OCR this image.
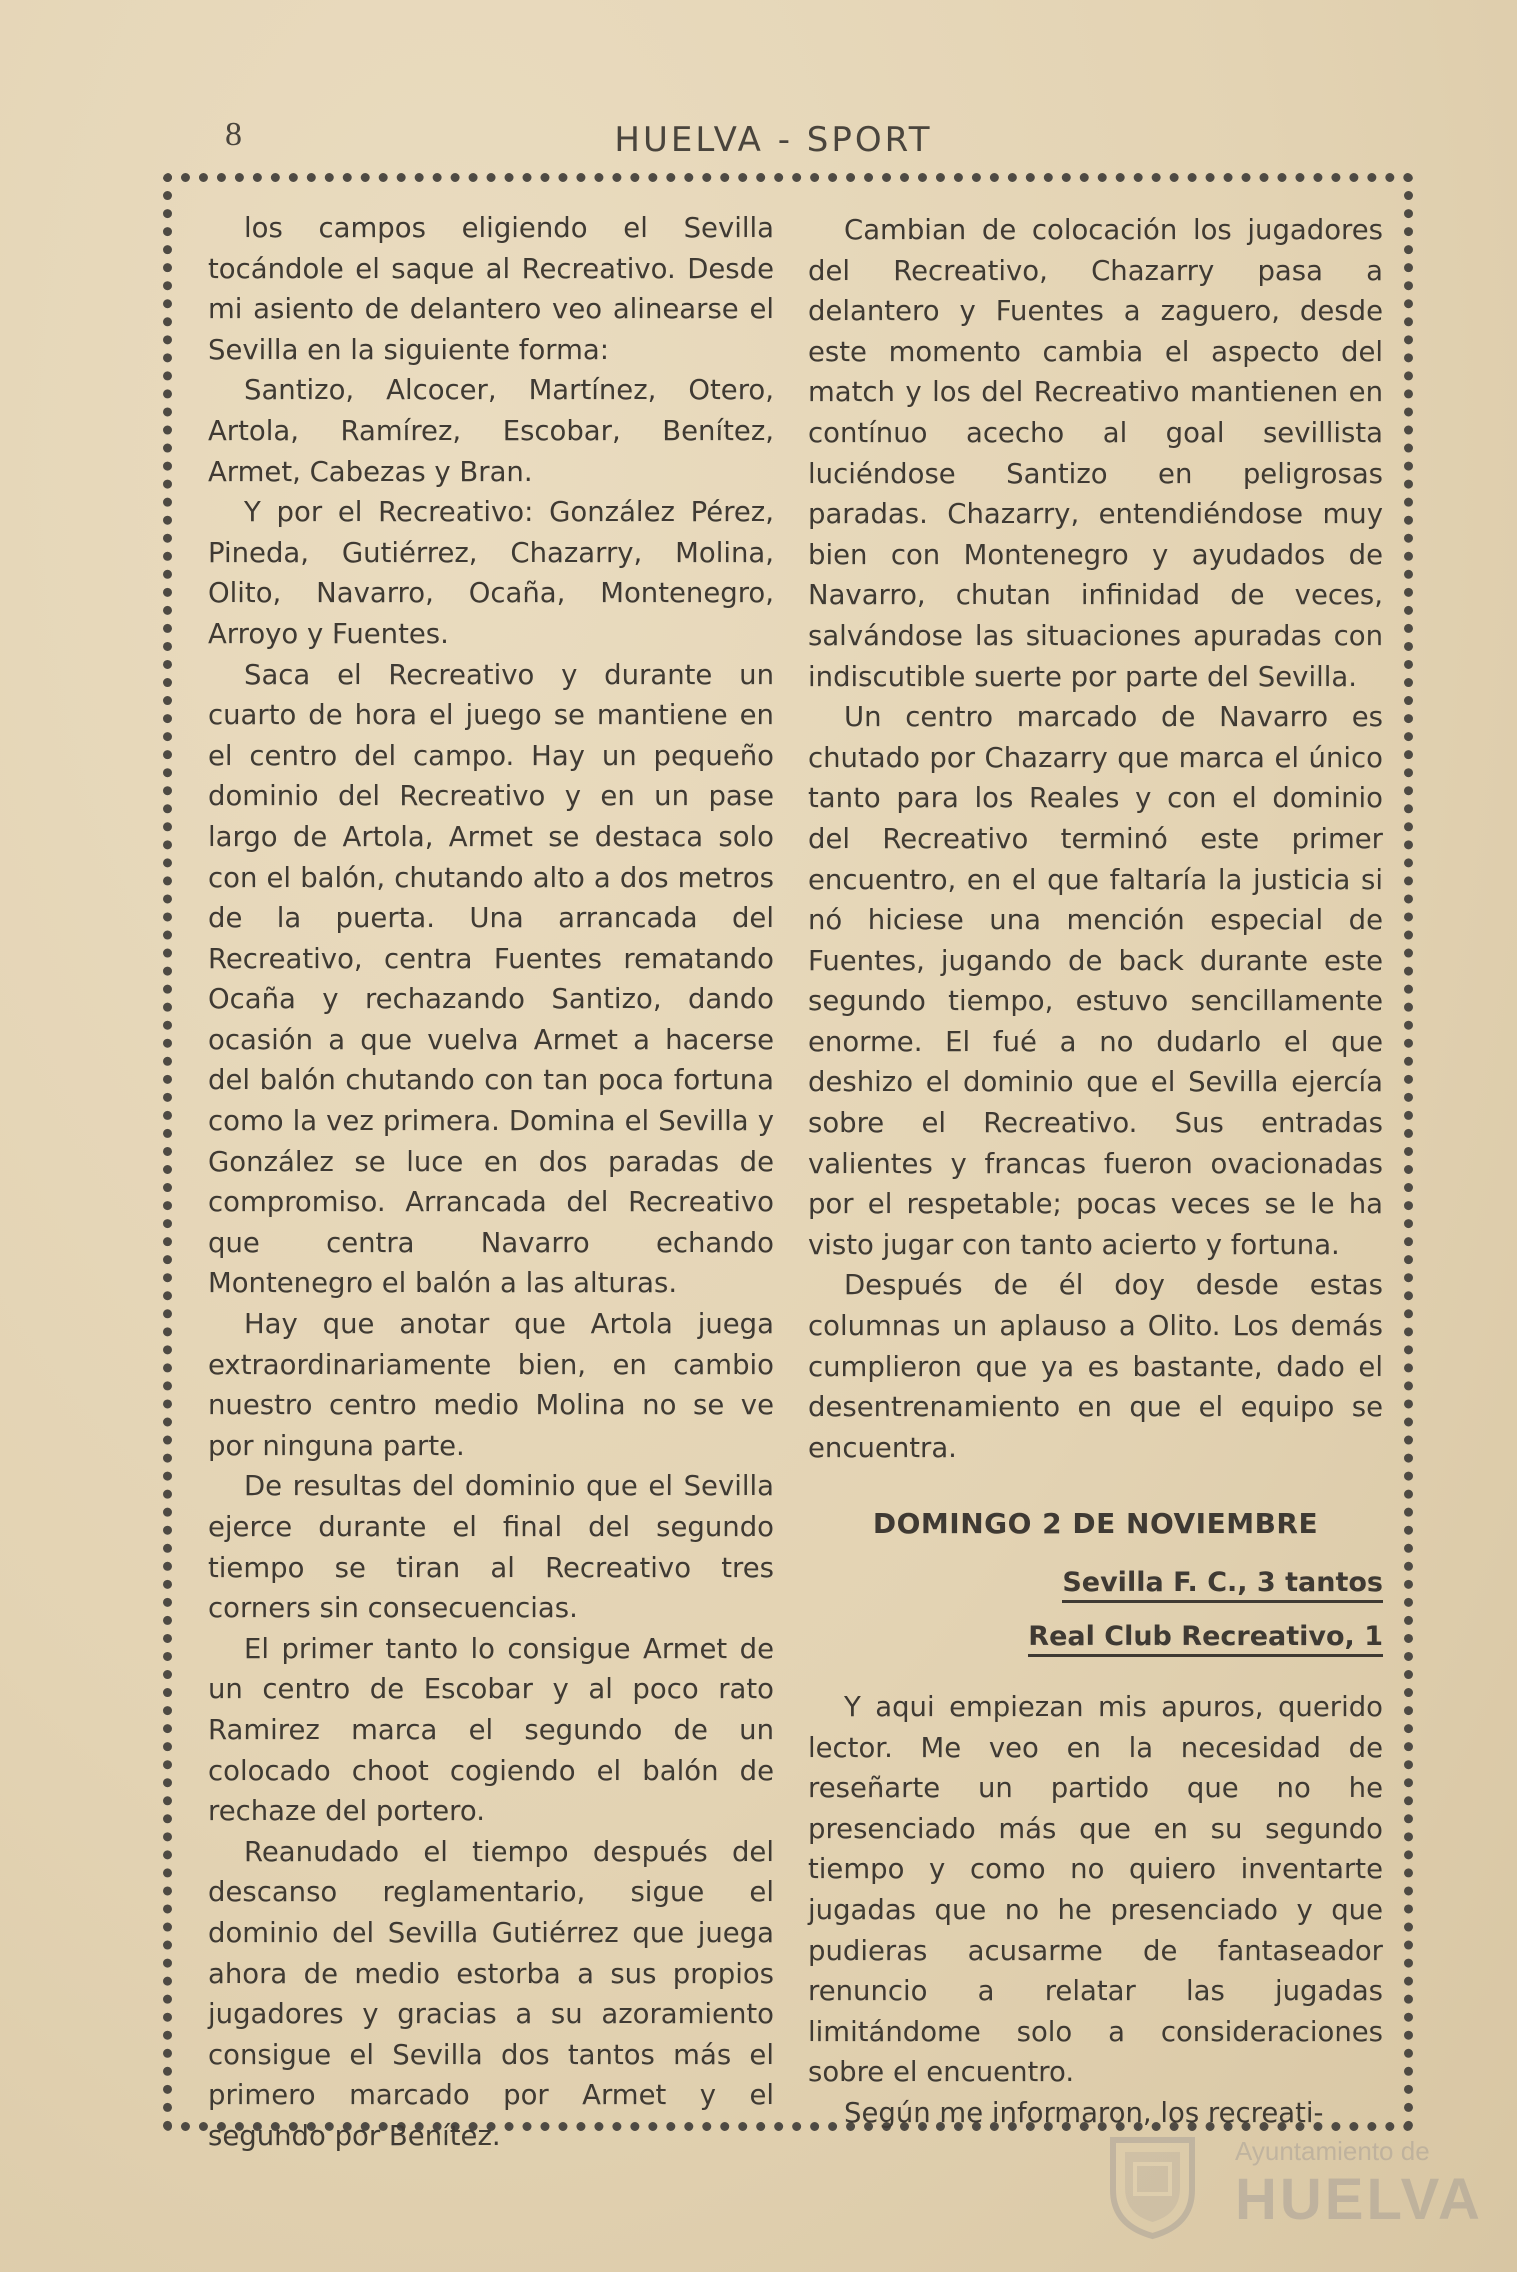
8	HUELVA - SPORT

los campos eligiendo el Sevilla tocándole el saque al Recreativo. Desde mi asiento de delantero veo alinearse el Sevilla en la siguiente forma:

Santizo, Alcocer, Martínez, Otero, Artola, Ramírez, Escobar, Benítez, Armet, Cabezas y Bran.

Y por el Recreativo: González Pérez, Pineda, Gutiérrez, Chazarry, Molina, Olito, Navarro, Ocaña, Montenegro, Arroyo y Fuentes.

Saca el Recreativo y durante un cuarto de hora el juego se mantiene en el centro del campo. Hay un pequeño dominio del Recreativo y en un pase largo de Artola, Armet se destaca solo con el balón, chutando alto a dos metros de la puerta. Una arrancada del Recreativo, centra Fuentes rematando Ocaña y rechazando Santizo, dando ocasión a que vuelva Armet a hacerse del balón chutando con tan poca fortuna como la vez primera. Domina el Sevilla y González se luce en dos paradas de compromiso. Arrancada del Recreativo que centra Navarro echando Montenegro el balón a las alturas.

Hay que anotar que Artola juega extraordinariamente bien, en cambio nuestro centro medio Molina no se ve por ninguna parte.

De resultas del dominio que el Sevilla ejerce durante el final del segundo tiempo se tiran al Recreativo tres corners sin consecuencias.

El primer tanto lo consigue Armet de un centro de Escobar y al poco rato Ramirez marca el segundo de un colocado choot cogiendo el balón de rechaze del portero.

Reanudado el tiempo después del descanso reglamentario, sigue el dominio del Sevilla Gutiérrez que juega ahora de medio estorba a sus propios jugadores y gracias a su azoramiento consigue el Sevilla dos tantos más el primero marcado por Armet y el segundo por Benítez.

Cambian de colocación los jugadores del Recreativo, Chazarry pasa a delantero y Fuentes a zaguero, desde este momento cambia el aspecto del match y los del Recreativo mantienen en contínuo acecho al goal sevillista luciéndose Santizo en peligrosas paradas. Chazarry, entendiéndose muy bien con Montenegro y ayudados de Navarro, chutan infinidad de veces, salvándose las situaciones apuradas con indiscutible suerte por parte del Sevilla.

Un centro marcado de Navarro es chutado por Chazarry que marca el único tanto para los Reales y con el dominio del Recreativo terminó este primer encuentro, en el que faltaría la justicia si nó hiciese una mención especial de Fuentes, jugando de back durante este segundo tiempo, estuvo sencillamente enorme. El fué a no dudarlo el que deshizo el dominio que el Sevilla ejercía sobre el Recreativo. Sus entradas valientes y francas fueron ovacionadas por el respetable; pocas veces se le ha visto jugar con tanto acierto y fortuna.

Después de él doy desde estas columnas un aplauso a Olito. Los demás cumplieron que ya es bastante, dado el desentrenamiento en que el equipo se encuentra.

DOMINGO 2 DE NOVIEMBRE
Sevilla F. C., 3 tantos
Real Club Recreativo, 1

Y aqui empiezan mis apuros, querido lector. Me veo en la necesidad de reseñarte un partido que no he presenciado más que en su segundo tiempo y como no quiero inventarte jugadas que no he presenciado y que pudieras acusarme de fantaseador renuncio a relatar las jugadas limitándome solo a consideraciones sobre el encuentro.

Según me informaron, los recreati-

Ayuntamiento de
HUELVA
